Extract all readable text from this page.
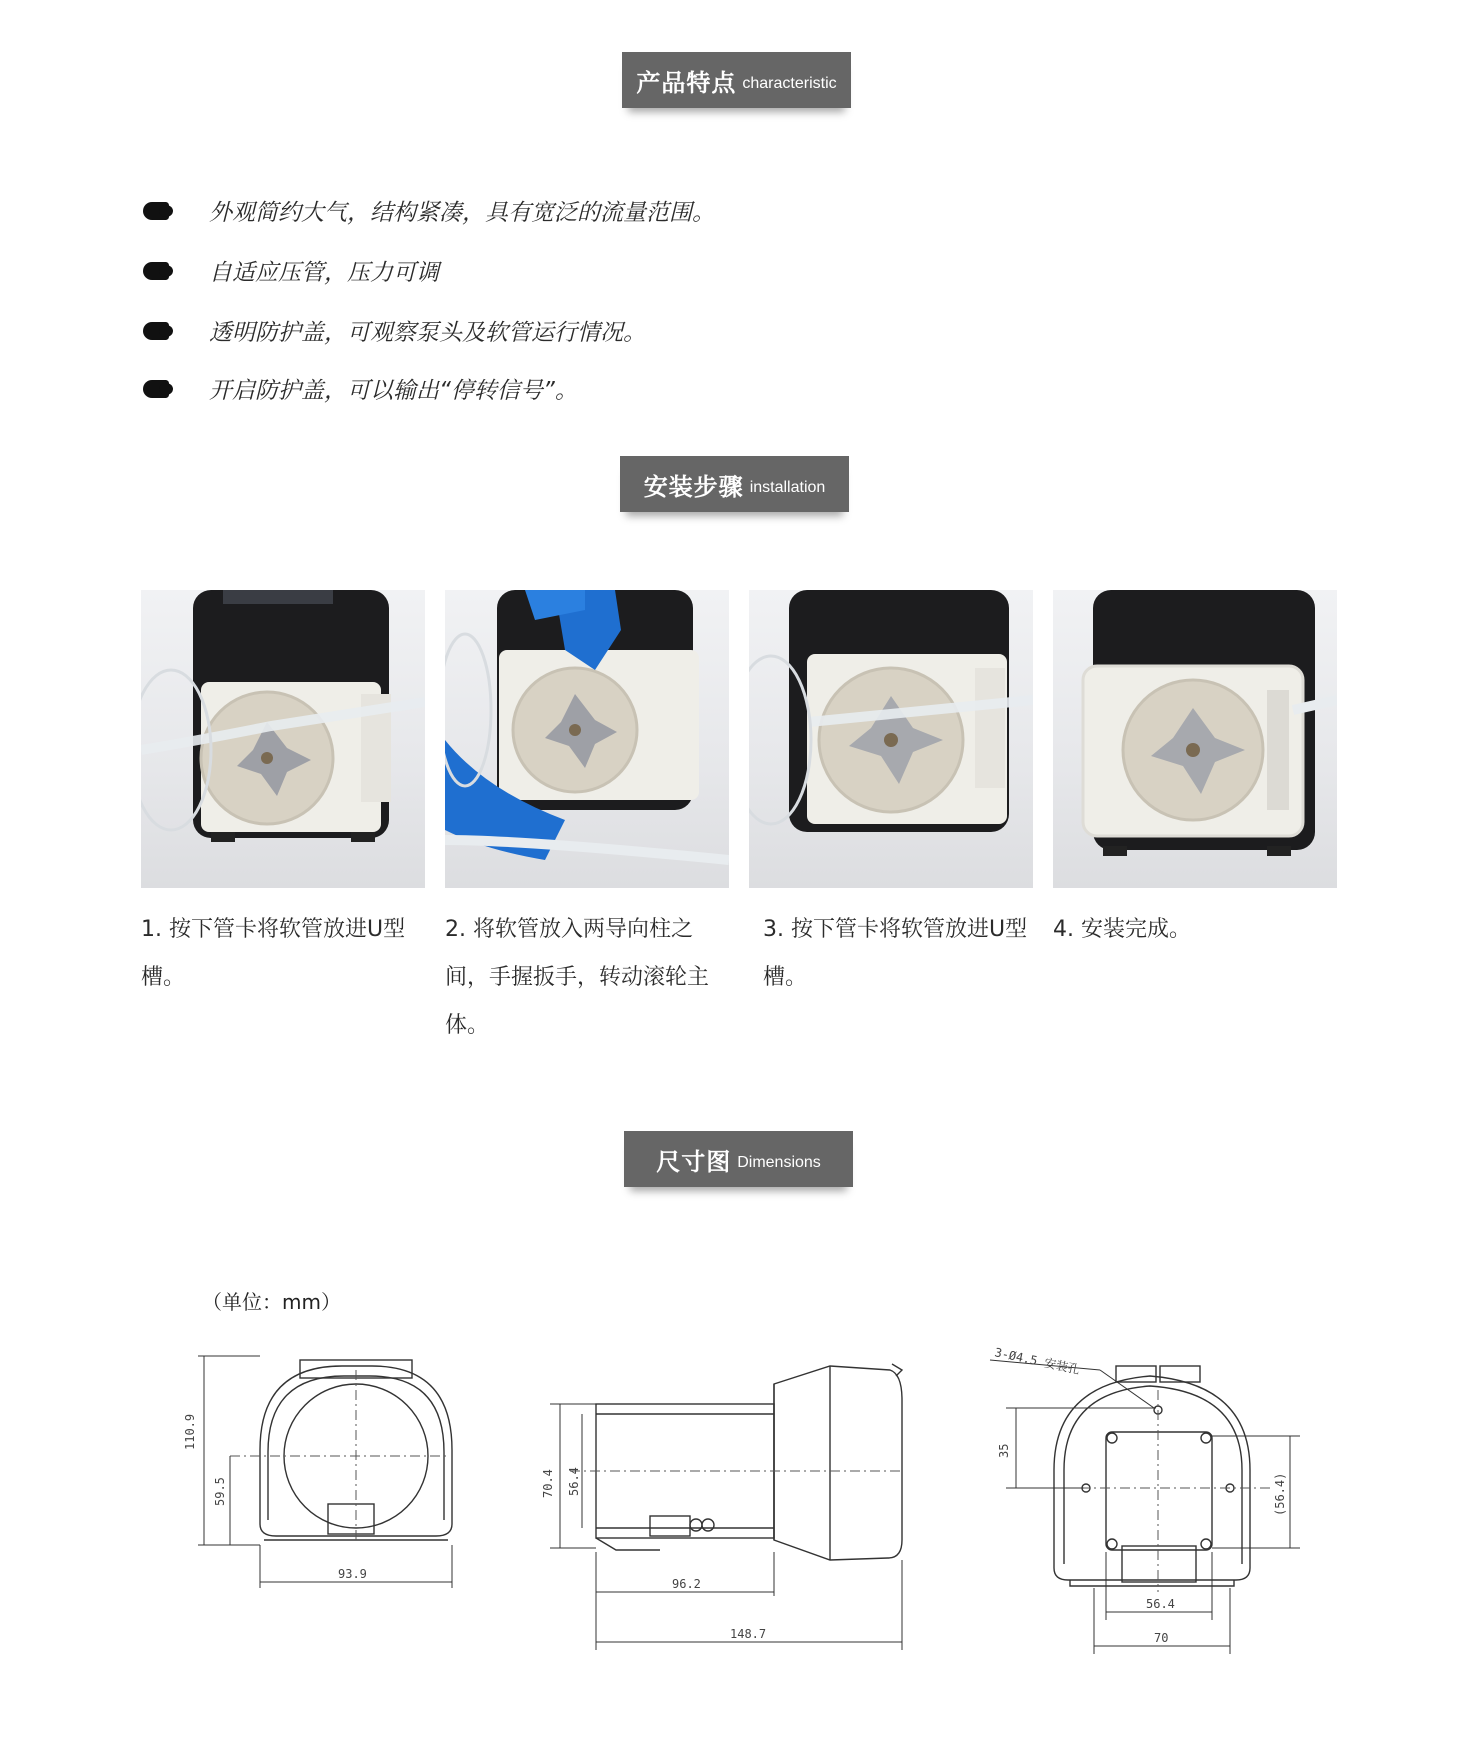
产品特点 characteristic
外观简约大气，结构紧凑，具有宽泛的流量范围。
自适应压管，压力可调
透明防护盖，可观察泵头及软管运行情况。
开启防护盖，可以输出“停转信号”。
安装步骤 installation
1. 按下管卡将软管放进U型槽。
2. 将软管放入两导向柱之间，手握扳手，转动滚轮主体。
3. 按下管卡将软管放进U型槽。
4. 安装完成。
尺寸图 Dimensions
（单位：mm）
110.9
59.5
93.9
70.4 56.4
96.2
148.7
3-Ø4.5 安装孔
35
(56.4)
56.4
70
